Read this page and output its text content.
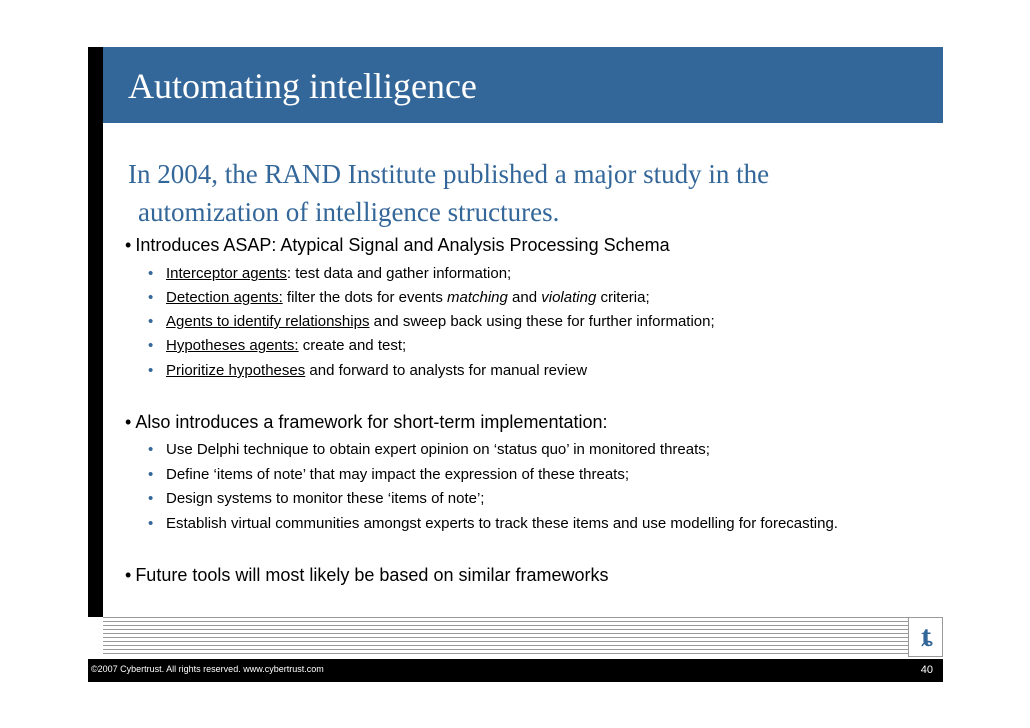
Automating intelligence
In 2004, the RAND Institute published a major study in the
automization of intelligence structures.
• Introduces ASAP: Atypical Signal and Analysis Processing Schema
• Interceptor agents: test data and gather information;
• Detection agents: filter the dots for events matching and violating criteria;
• Agents to identify relationships and sweep back using these for further information;
• Hypotheses agents: create and test;
• Prioritize hypotheses and forward to analysts for manual review
• Also introduces a framework for short-term implementation:
• Use Delphi technique to obtain expert opinion on ‘status quo’ in monitored threats;
• Define ‘items of note’ that may impact the expression of these threats;
• Design systems to monitor these ‘items of note’;
• Establish virtual communities amongst experts to track these items and use modelling for forecasting.
• Future tools will most likely be based on similar frameworks
ȶ
©2007 Cybertrust. All rights reserved. www.cybertrust.com	40
